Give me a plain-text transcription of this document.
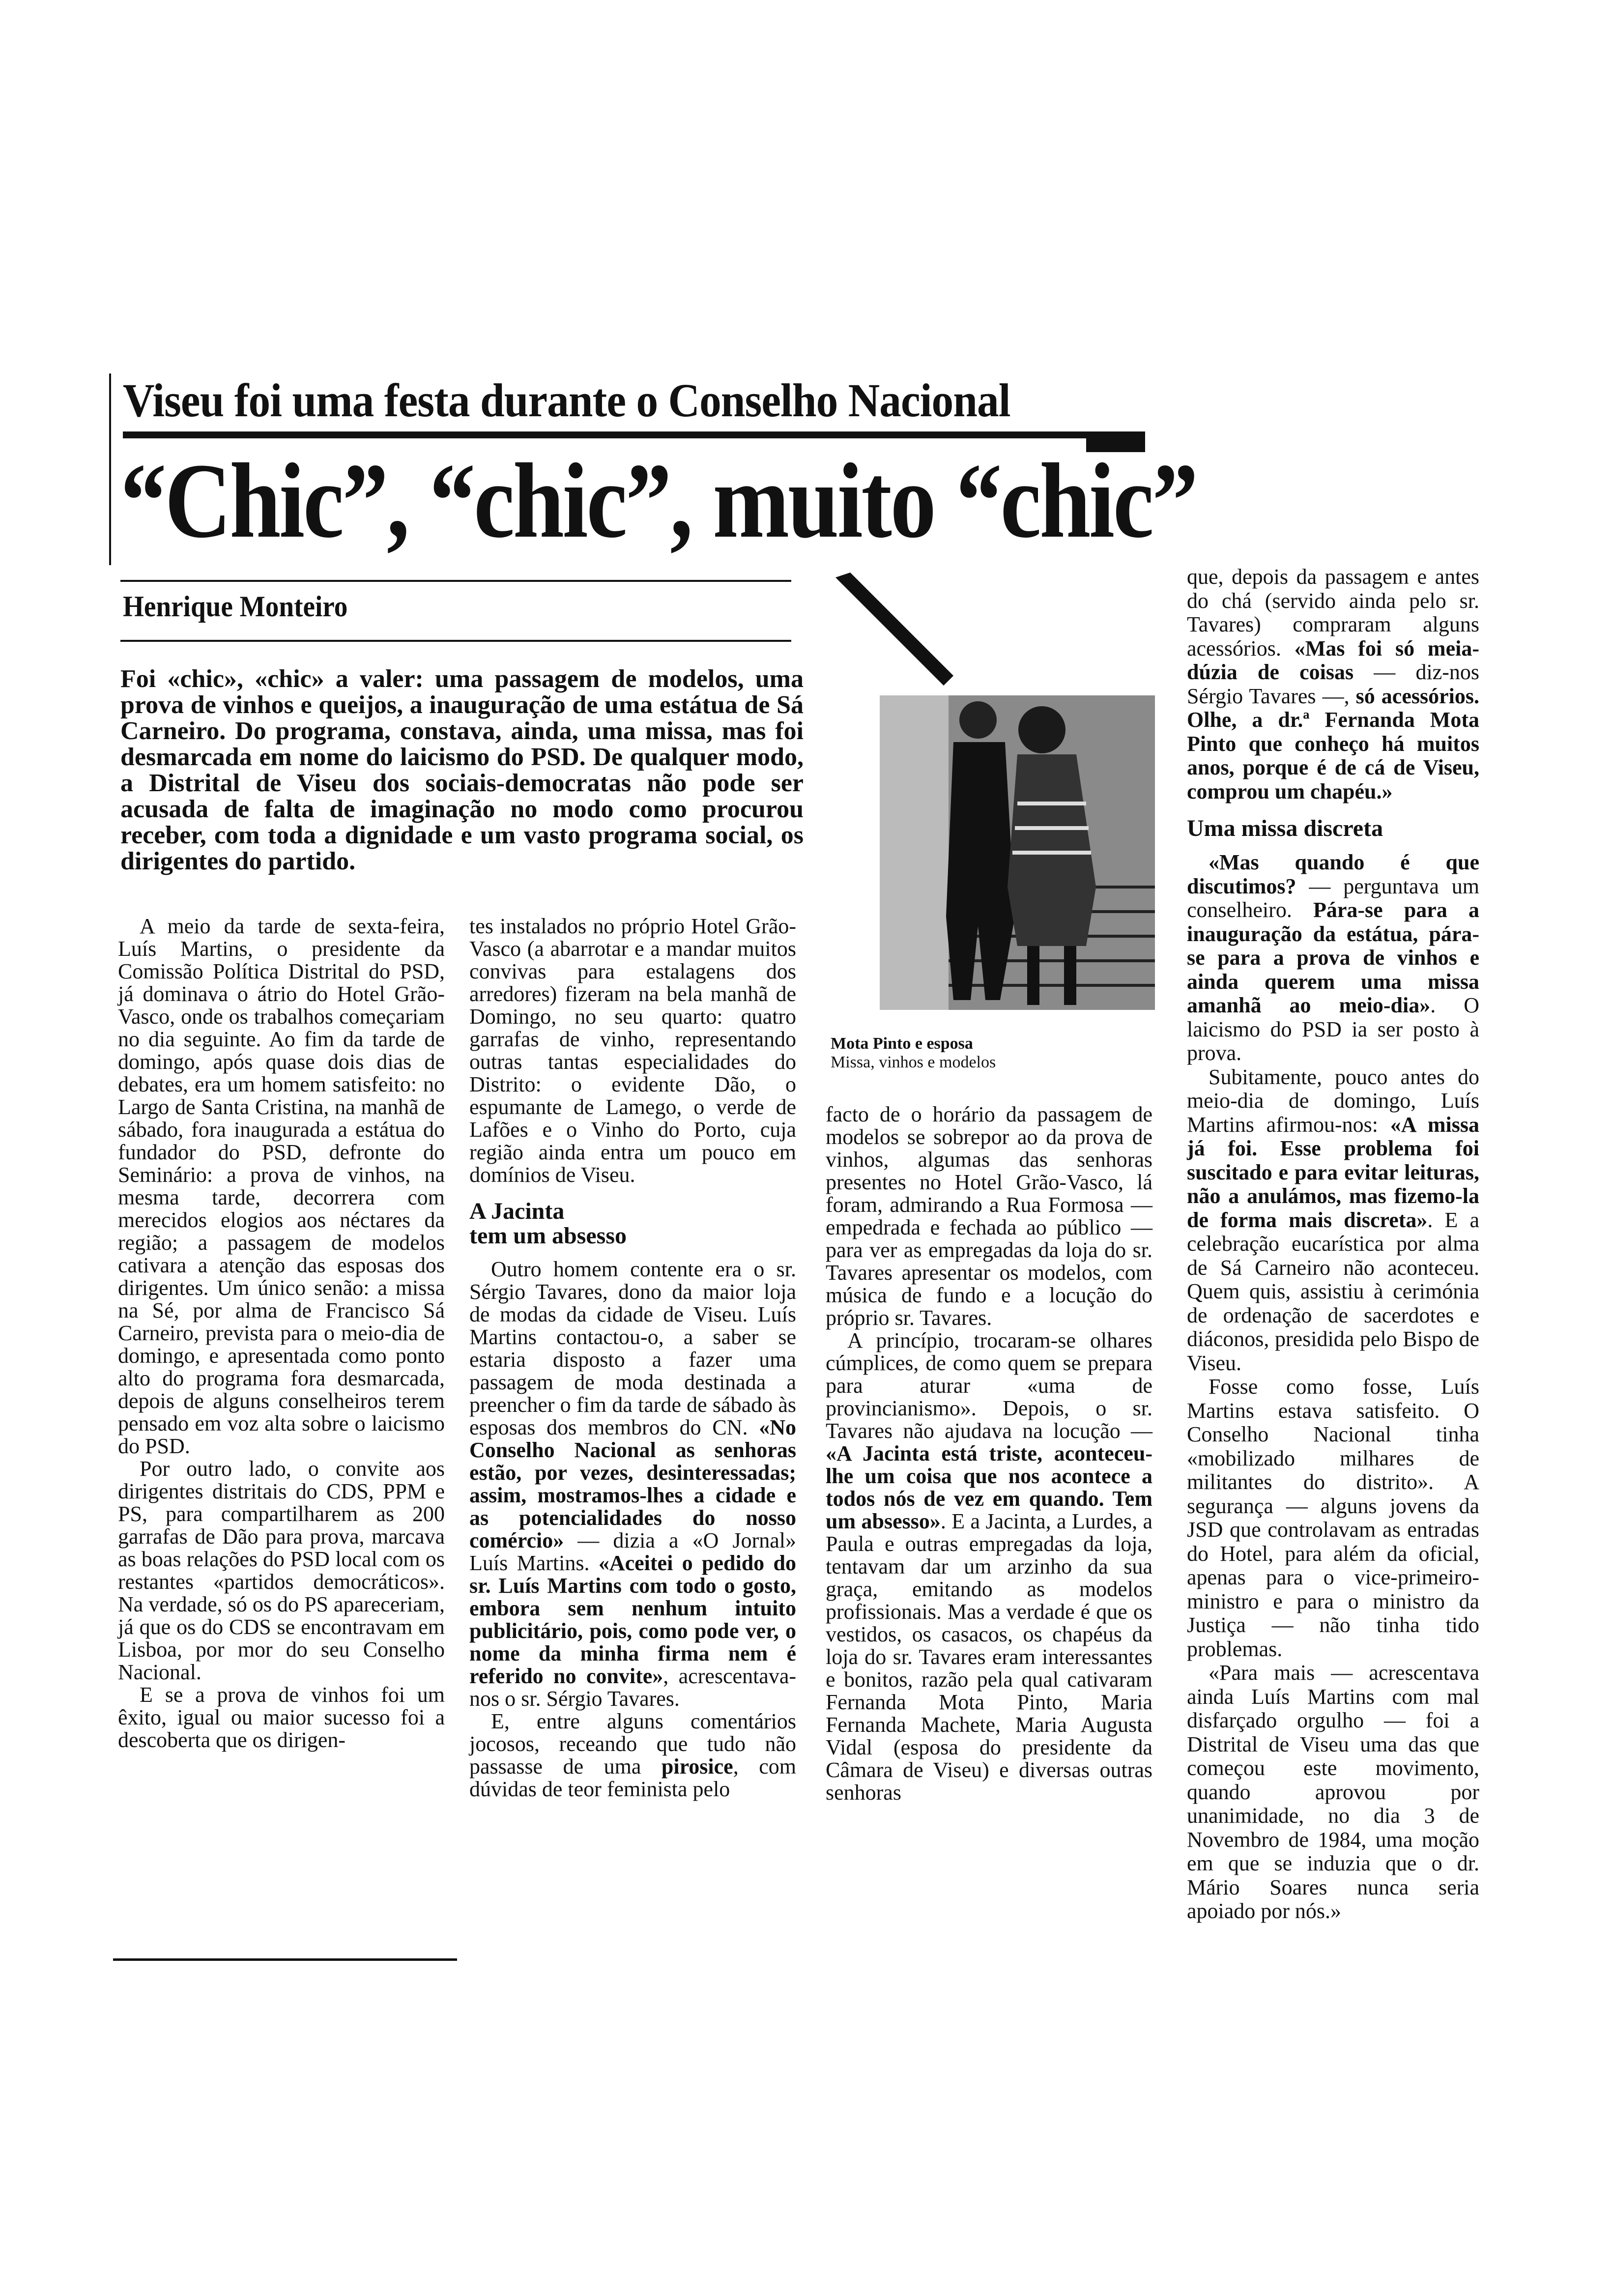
Viseu foi uma festa durante o Conselho Nacional
“Chic”, “chic”, muito “chic”
Henrique Monteiro
Foi «chic», «chic» a valer: uma passagem de modelos, uma prova de vinhos e queijos, a inauguração de uma estátua de Sá Carneiro. Do programa, constava, ainda, uma missa, mas foi desmarcada em nome do laicismo do PSD. De qualquer modo, a Distrital de Viseu dos sociais-democratas não pode ser acusada de falta de imaginação no modo como procurou receber, com toda a dignidade e um vasto programa social, os dirigentes do partido.
Mota Pinto e esposa
Missa, vinhos e modelos

A meio da tarde de sexta-feira, Luís Martins, o presidente da Comissão Política Distrital do PSD, já dominava o átrio do Hotel Grão-Vasco, onde os trabalhos começariam no dia seguinte. Ao fim da tarde de domingo, após quase dois dias de debates, era um homem satisfeito: no Largo de Santa Cristina, na manhã de sábado, fora inaugurada a estátua do fundador do PSD, defronte do Seminário: a prova de vinhos, na mesma tarde, decorrera com merecidos elogios aos néctares da região; a passagem de modelos cativara a atenção das esposas dos dirigentes. Um único senão: a missa na Sé, por alma de Francisco Sá Carneiro, prevista para o meio-dia de domingo, e apresentada como ponto alto do programa fora desmarcada, depois de alguns conselheiros terem pensado em voz alta sobre o laicismo do PSD.

Por outro lado, o convite aos dirigentes distritais do CDS, PPM e PS, para compartilharem as 200 garrafas de Dão para prova, marcava as boas relações do PSD local com os restantes «partidos democráticos». Na verdade, só os do PS apareceriam, já que os do CDS se encontravam em Lisboa, por mor do seu Conselho Nacional.

E se a prova de vinhos foi um êxito, igual ou maior sucesso foi a descoberta que os dirigen-

tes instalados no próprio Hotel Grão-Vasco (a abarrotar e a mandar muitos convivas para estalagens dos arredores) fizeram na bela manhã de Domingo, no seu quarto: quatro garrafas de vinho, representando outras tantas especialidades do Distrito: o evidente Dão, o espumante de Lamego, o verde de Lafões e o Vinho do Porto, cuja região ainda entra um pouco em domínios de Viseu.

A Jacinta
tem um absesso

Outro homem contente era o sr. Sérgio Tavares, dono da maior loja de modas da cidade de Viseu. Luís Martins contactou-o, a saber se estaria disposto a fazer uma passagem de moda destinada a preencher o fim da tarde de sábado às esposas dos membros do CN. «No Conselho Nacional as senhoras estão, por vezes, desinteressadas; assim, mostramos-lhes a cidade e as potencialidades do nosso comércio» — dizia a «O Jornal» Luís Martins. «Aceitei o pedido do sr. Luís Martins com todo o gosto, embora sem nenhum intuito publicitário, pois, como pode ver, o nome da minha firma nem é referido no convite», acrescentava-nos o sr. Sérgio Tavares.

E, entre alguns comentários jocosos, receando que tudo não passasse de uma pirosice, com dúvidas de teor feminista pelo

facto de o horário da passagem de modelos se sobrepor ao da prova de vinhos, algumas das senhoras presentes no Hotel Grão-Vasco, lá foram, admirando a Rua Formosa — empedrada e fechada ao público — para ver as empregadas da loja do sr. Tavares apresentar os modelos, com música de fundo e a locução do próprio sr. Tavares.

A princípio, trocaram-se olhares cúmplices, de como quem se prepara para aturar «uma de provincianismo». Depois, o sr. Tavares não ajudava na locução — «A Jacinta está triste, aconteceu-lhe um coisa que nos acontece a todos nós de vez em quando. Tem um absesso». E a Jacinta, a Lurdes, a Paula e outras empregadas da loja, tentavam dar um arzinho da sua graça, emitando as modelos profissionais. Mas a verdade é que os vestidos, os casacos, os chapéus da loja do sr. Tavares eram interessantes e bonitos, razão pela qual cativaram Fernanda Mota Pinto, Maria Fernanda Machete, Maria Augusta Vidal (esposa do presidente da Câmara de Viseu) e diversas outras senhoras

que, depois da passagem e antes do chá (servido ainda pelo sr. Tavares) compraram alguns acessórios. «Mas foi só meia-dúzia de coisas — diz-nos Sérgio Tavares —, só acessórios. Olhe, a dr.ª Fernanda Mota Pinto que conheço há muitos anos, porque é de cá de Viseu, comprou um chapéu.»

Uma missa discreta

«Mas quando é que discutimos? — perguntava um conselheiro. Pára-se para a inauguração da estátua, pára-se para a prova de vinhos e ainda querem uma missa amanhã ao meio-dia». O laicismo do PSD ia ser posto à prova.

Subitamente, pouco antes do meio-dia de domingo, Luís Martins afirmou-nos: «A missa já foi. Esse problema foi suscitado e para evitar leituras, não a anulámos, mas fizemo-la de forma mais discreta». E a celebração eucarística por alma de Sá Carneiro não aconteceu. Quem quis, assistiu à cerimónia de ordenação de sacerdotes e diáconos, presidida pelo Bispo de Viseu.

Fosse como fosse, Luís Martins estava satisfeito. O Conselho Nacional tinha «mobilizado milhares de militantes do distrito». A segurança — alguns jovens da JSD que controlavam as entradas do Hotel, para além da oficial, apenas para o vice-primeiro-ministro e para o ministro da Justiça — não tinha tido problemas.

«Para mais — acrescentava ainda Luís Martins com mal disfarçado orgulho — foi a Distrital de Viseu uma das que começou este movimento, quando aprovou por unanimidade, no dia 3 de Novembro de 1984, uma moção em que se induzia que o dr. Mário Soares nunca seria apoiado por nós.»
